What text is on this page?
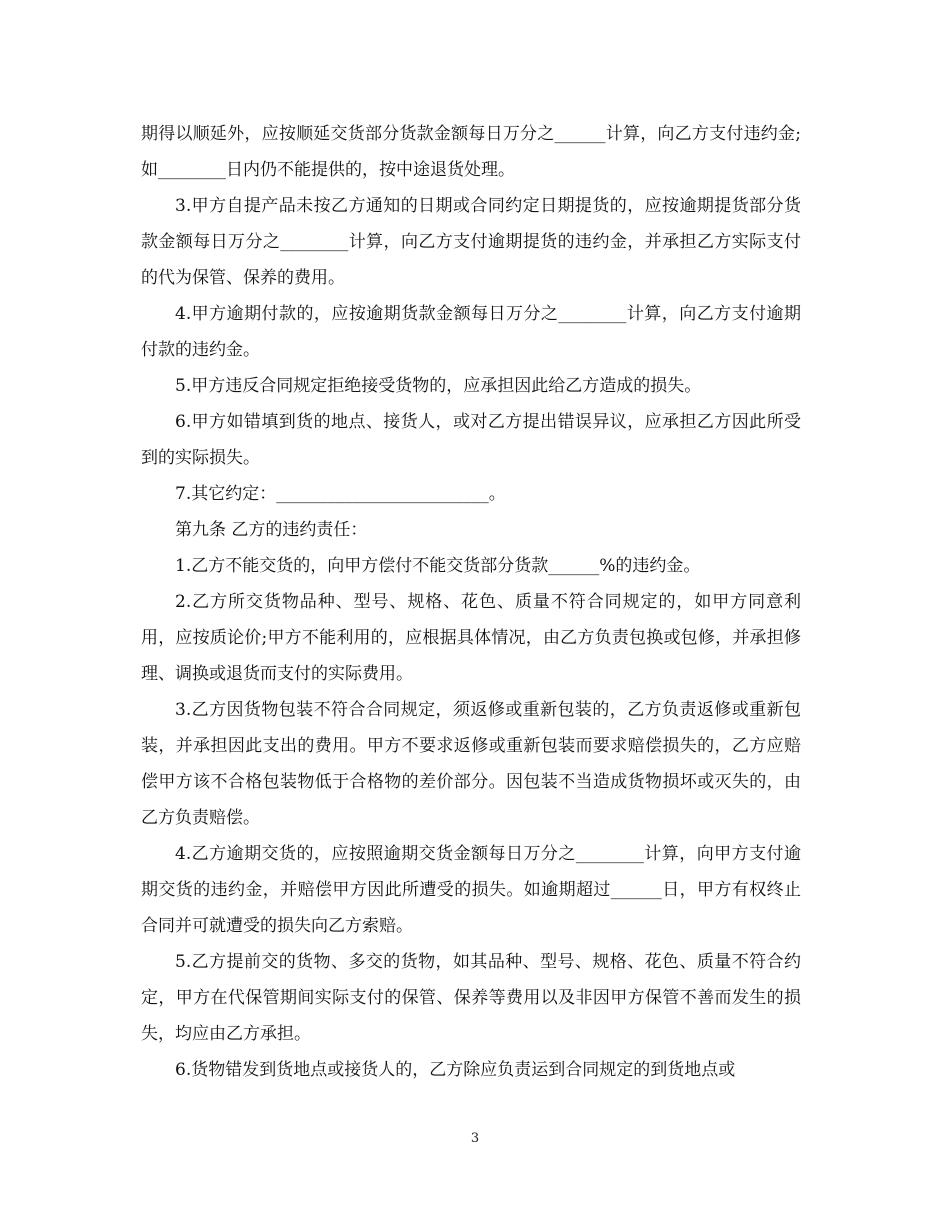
期得以顺延外，应按顺延交货部分货款金额每日万分之______计算，向乙方支付违约金;如________日内仍不能提供的，按中途退货处理。

3.甲方自提产品未按乙方通知的日期或合同约定日期提货的，应按逾期提货部分货款金额每日万分之________计算，向乙方支付逾期提货的违约金，并承担乙方实际支付的代为保管、保养的费用。

4.甲方逾期付款的，应按逾期货款金额每日万分之________计算，向乙方支付逾期付款的违约金。

5.甲方违反合同规定拒绝接受货物的，应承担因此给乙方造成的损失。

6.甲方如错填到货的地点、接货人，或对乙方提出错误异议，应承担乙方因此所受到的实际损失。

7.其它约定：_________________________。

第九条 乙方的违约责任：

1.乙方不能交货的，向甲方偿付不能交货部分货款______%的违约金。

2.乙方所交货物品种、型号、规格、花色、质量不符合同规定的，如甲方同意利用，应按质论价;甲方不能利用的，应根据具体情况，由乙方负责包换或包修，并承担修理、调换或退货而支付的实际费用。

3.乙方因货物包装不符合合同规定，须返修或重新包装的，乙方负责返修或重新包装，并承担因此支出的费用。甲方不要求返修或重新包装而要求赔偿损失的，乙方应赔偿甲方该不合格包装物低于合格物的差价部分。因包装不当造成货物损坏或灭失的，由乙方负责赔偿。

4.乙方逾期交货的，应按照逾期交货金额每日万分之________计算，向甲方支付逾期交货的违约金，并赔偿甲方因此所遭受的损失。如逾期超过______日，甲方有权终止合同并可就遭受的损失向乙方索赔。

5.乙方提前交的货物、多交的货物，如其品种、型号、规格、花色、质量不符合约定，甲方在代保管期间实际支付的保管、保养等费用以及非因甲方保管不善而发生的损失，均应由乙方承担。

6.货物错发到货地点或接货人的，乙方除应负责运到合同规定的到货地点或

3
